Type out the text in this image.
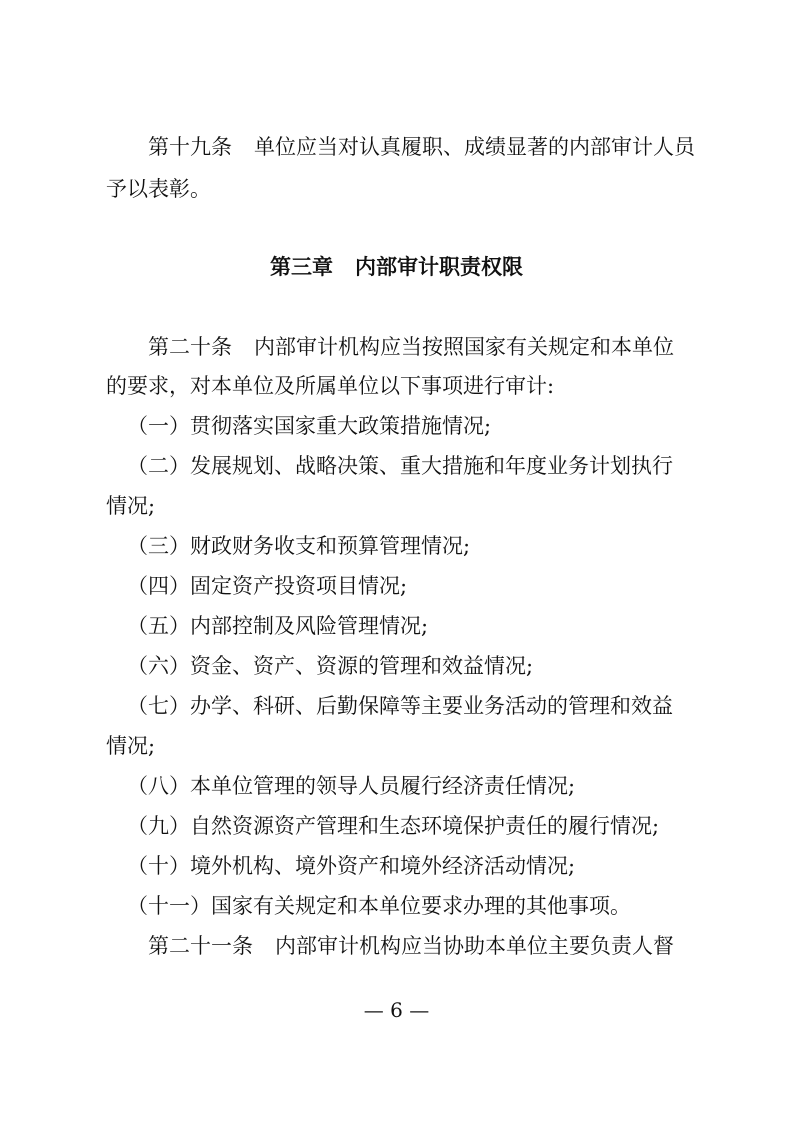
第十九条 单位应当对认真履职、成绩显著的内部审计人员
予以表彰。
第三章 内部审计职责权限
第二十条 内部审计机构应当按照国家有关规定和本单位
的要求，对本单位及所属单位以下事项进行审计:
（一）贯彻落实国家重大政策措施情况;
（二）发展规划、战略决策、重大措施和年度业务计划执行
情况;
（三）财政财务收支和预算管理情况;
（四）固定资产投资项目情况;
（五）内部控制及风险管理情况;
（六）资金、资产、资源的管理和效益情况;
（七）办学、科研、后勤保障等主要业务活动的管理和效益
情况;
（八）本单位管理的领导人员履行经济责任情况;
（九）自然资源资产管理和生态环境保护责任的履行情况;
（十）境外机构、境外资产和境外经济活动情况;
（十一）国家有关规定和本单位要求办理的其他事项。
第二十一条 内部审计机构应当协助本单位主要负责人督
— 6 —
